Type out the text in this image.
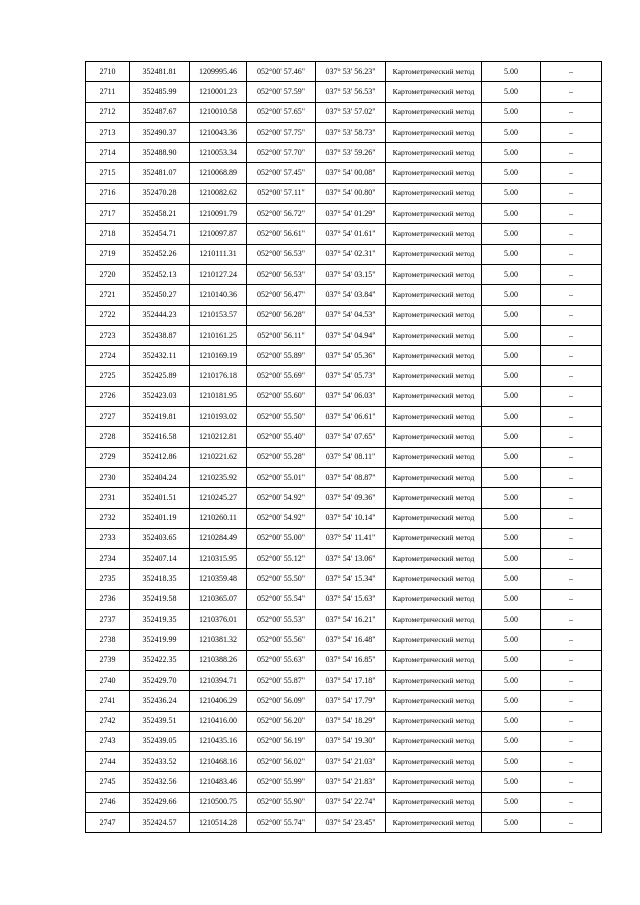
2710	352481.81	1209995.46	052°00' 57.46"	037° 53' 56.23"	Картометрический метод	5.00	–
2711	352485.99	1210001.23	052°00' 57.59"	037° 53' 56.53"	Картометрический метод	5.00	–
2712	352487.67	1210010.58	052°00' 57.65"	037° 53' 57.02"	Картометрический метод	5.00	–
2713	352490.37	1210043.36	052°00' 57.75"	037° 53' 58.73"	Картометрический метод	5.00	–
2714	352488.90	1210053.34	052°00' 57.70"	037° 53' 59.26"	Картометрический метод	5.00	–
2715	352481.07	1210068.89	052°00' 57.45"	037° 54' 00.08"	Картометрический метод	5.00	–
2716	352470.28	1210082.62	052°00' 57.11"	037° 54' 00.80"	Картометрический метод	5.00	–
2717	352458.21	1210091.79	052°00' 56.72"	037° 54' 01.29"	Картометрический метод	5.00	–
2718	352454.71	1210097.87	052°00' 56.61"	037° 54' 01.61"	Картометрический метод	5.00	–
2719	352452.26	1210111.31	052°00' 56.53"	037° 54' 02.31"	Картометрический метод	5.00	–
2720	352452.13	1210127.24	052°00' 56.53"	037° 54' 03.15"	Картометрический метод	5.00	–
2721	352450.27	1210140.36	052°00' 56.47"	037° 54' 03.84"	Картометрический метод	5.00	–
2722	352444.23	1210153.57	052°00' 56.28"	037° 54' 04.53"	Картометрический метод	5.00	–
2723	352438.87	1210161.25	052°00' 56.11"	037° 54' 04.94"	Картометрический метод	5.00	–
2724	352432.11	1210169.19	052°00' 55.89"	037° 54' 05.36"	Картометрический метод	5.00	–
2725	352425.89	1210176.18	052°00' 55.69"	037° 54' 05.73"	Картометрический метод	5.00	–
2726	352423.03	1210181.95	052°00' 55.60"	037° 54' 06.03"	Картометрический метод	5.00	–
2727	352419.81	1210193.02	052°00' 55.50"	037° 54' 06.61"	Картометрический метод	5.00	–
2728	352416.58	1210212.81	052°00' 55.40"	037° 54' 07.65"	Картометрический метод	5.00	–
2729	352412.86	1210221.62	052°00' 55.28"	037° 54' 08.11"	Картометрический метод	5.00	–
2730	352404.24	1210235.92	052°00' 55.01"	037° 54' 08.87"	Картометрический метод	5.00	–
2731	352401.51	1210245.27	052°00' 54.92"	037° 54' 09.36"	Картометрический метод	5.00	–
2732	352401.19	1210260.11	052°00' 54.92"	037° 54' 10.14"	Картометрический метод	5.00	–
2733	352403.65	1210284.49	052°00' 55.00"	037° 54' 11.41"	Картометрический метод	5.00	–
2734	352407.14	1210315.95	052°00' 55.12"	037° 54' 13.06"	Картометрический метод	5.00	–
2735	352418.35	1210359.48	052°00' 55.50"	037° 54' 15.34"	Картометрический метод	5.00	–
2736	352419.58	1210365.07	052°00' 55.54"	037° 54' 15.63"	Картометрический метод	5.00	–
2737	352419.35	1210376.01	052°00' 55.53"	037° 54' 16.21"	Картометрический метод	5.00	–
2738	352419.99	1210381.32	052°00' 55.56"	037° 54' 16.48"	Картометрический метод	5.00	–
2739	352422.35	1210388.26	052°00' 55.63"	037° 54' 16.85"	Картометрический метод	5.00	–
2740	352429.70	1210394.71	052°00' 55.87"	037° 54' 17.18"	Картометрический метод	5.00	–
2741	352436.24	1210406.29	052°00' 56.09"	037° 54' 17.79"	Картометрический метод	5.00	–
2742	352439.51	1210416.00	052°00' 56.20"	037° 54' 18.29"	Картометрический метод	5.00	–
2743	352439.05	1210435.16	052°00' 56.19"	037° 54' 19.30"	Картометрический метод	5.00	–
2744	352433.52	1210468.16	052°00' 56.02"	037° 54' 21.03"	Картометрический метод	5.00	–
2745	352432.56	1210483.46	052°00' 55.99"	037° 54' 21.83"	Картометрический метод	5.00	–
2746	352429.66	1210500.75	052°00' 55.90"	037° 54' 22.74"	Картометрический метод	5.00	–
2747	352424.57	1210514.28	052°00' 55.74"	037° 54' 23.45"	Картометрический метод	5.00	–
